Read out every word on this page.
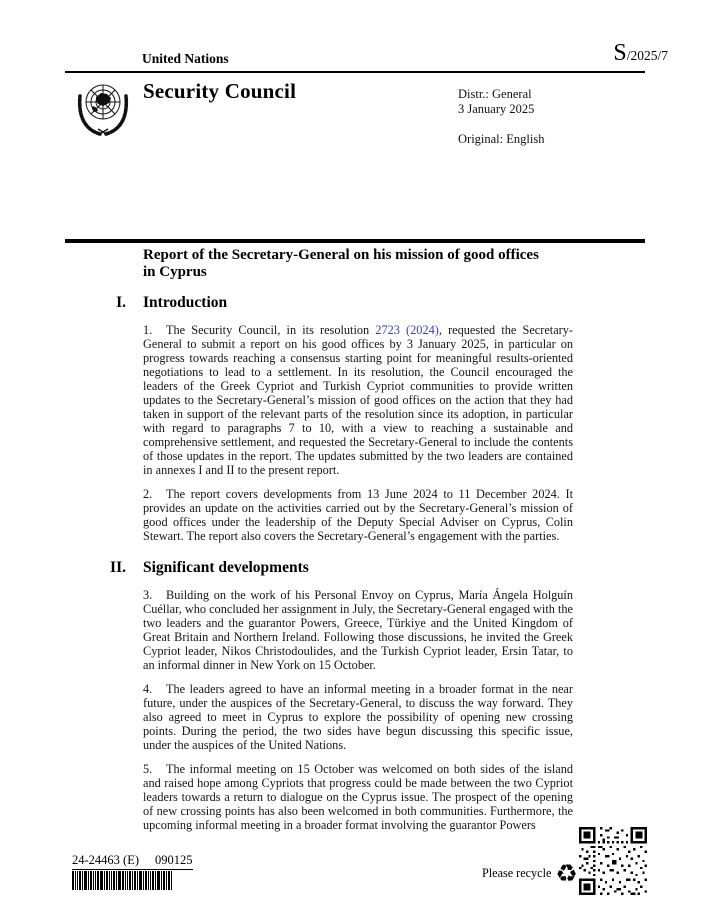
United Nations	S/2025/7
Security Council	Distr.: General
3 January 2025
Original: English
Report of the Secretary-General on his mission of good offices in Cyprus
I. Introduction

1. The Security Council, in its resolution 2723 (2024), requested the Secretary-General to submit a report on his good offices by 3 January 2025, in particular on progress towards reaching a consensus starting point for meaningful results-oriented negotiations to lead to a settlement. In its resolution, the Council encouraged the leaders of the Greek Cypriot and Turkish Cypriot communities to provide written updates to the Secretary-General’s mission of good offices on the action that they had taken in support of the relevant parts of the resolution since its adoption, in particular with regard to paragraphs 7 to 10, with a view to reaching a sustainable and comprehensive settlement, and requested the Secretary-General to include the contents of those updates in the report. The updates submitted by the two leaders are contained in annexes I and II to the present report.

2. The report covers developments from 13 June 2024 to 11 December 2024. It provides an update on the activities carried out by the Secretary-General’s mission of good offices under the leadership of the Deputy Special Adviser on Cyprus, Colin Stewart. The report also covers the Secretary-General’s engagement with the parties.

II. Significant developments

3. Building on the work of his Personal Envoy on Cyprus, María Ángela Holguín Cuéllar, who concluded her assignment in July, the Secretary-General engaged with the two leaders and the guarantor Powers, Greece, Türkiye and the United Kingdom of Great Britain and Northern Ireland. Following those discussions, he invited the Greek Cypriot leader, Nikos Christodoulides, and the Turkish Cypriot leader, Ersin Tatar, to an informal dinner in New York on 15 October.

4. The leaders agreed to have an informal meeting in a broader format in the near future, under the auspices of the Secretary-General, to discuss the way forward. They also agreed to meet in Cyprus to explore the possibility of opening new crossing points. During the period, the two sides have begun discussing this specific issue, under the auspices of the United Nations.

5. The informal meeting on 15 October was welcomed on both sides of the island and raised hope among Cypriots that progress could be made between the two Cypriot leaders towards a return to dialogue on the Cyprus issue. The prospect of the opening of new crossing points has also been welcomed in both communities. Furthermore, the upcoming informal meeting in a broader format involving the guarantor Powers

24-24463 (E) 090125
Please recycle ♻
